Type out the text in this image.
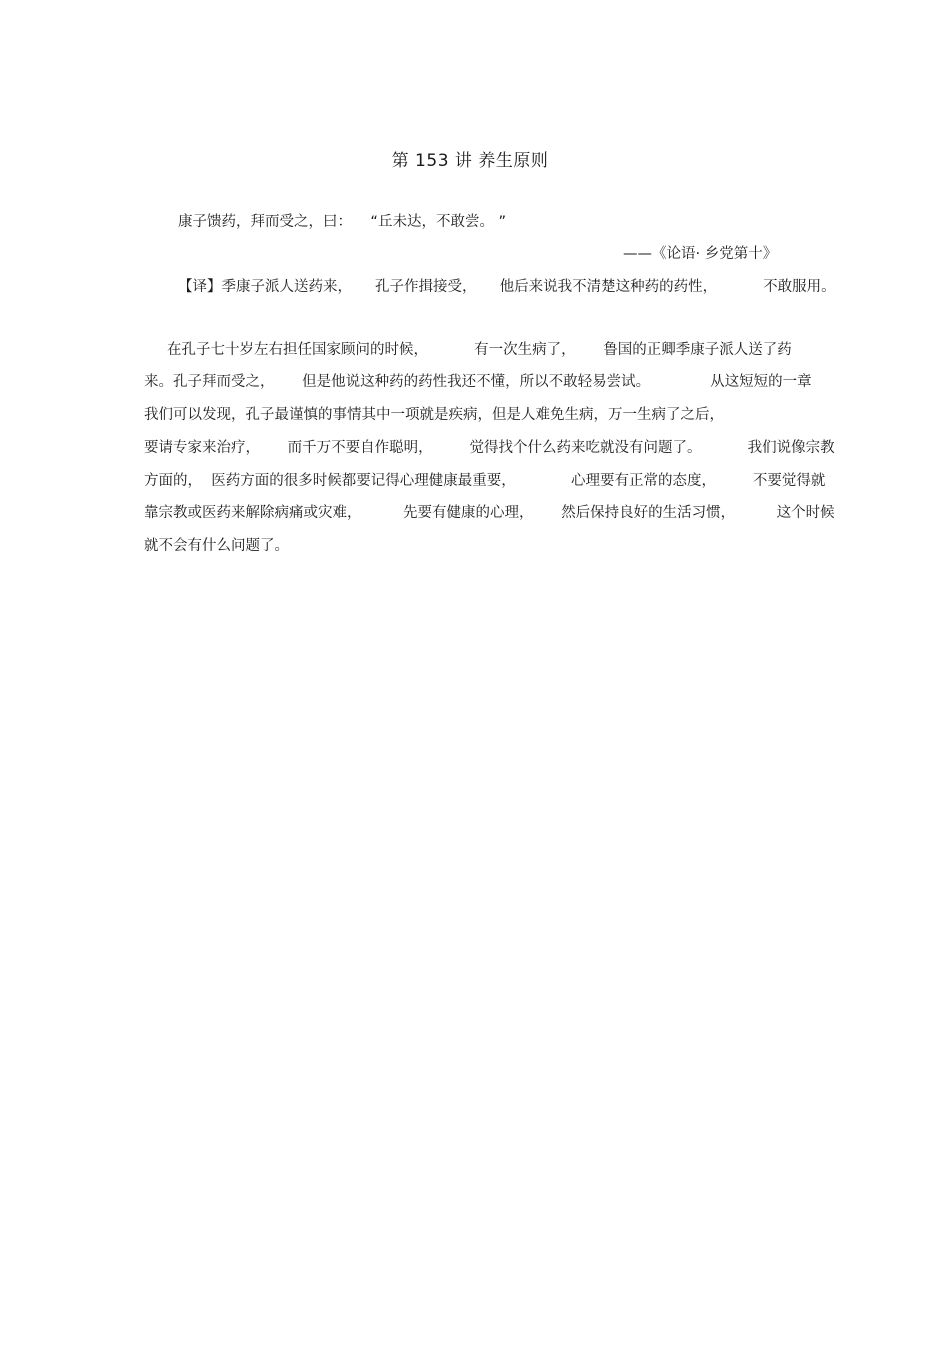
第 153 讲 养生原则
康子馈药，拜而受之，曰：    “丘未达，不敢尝。 ”
——《论语· 乡党第十》
【译】季康子派人送药来，     孔子作揖接受，     他后来说我不清楚这种药的药性，          不敢服用。
在孔子七十岁左右担任国家顾问的时候，          有一次生病了，      鲁国的正卿季康子派人送了药
来。孔子拜而受之，      但是他说这种药的药性我还不懂，所以不敢轻易尝试。             从这短短的一章
我们可以发现，孔子最谨慎的事情其中一项就是疾病，但是人难免生病，万一生病了之后，
要请专家来治疗，      而千万不要自作聪明，        觉得找个什么药来吃就没有问题了。          我们说像宗教
方面的，  医药方面的很多时候都要记得心理健康最重要，            心理要有正常的态度，        不要觉得就
靠宗教或医药来解除病痛或灾难，         先要有健康的心理，      然后保持良好的生活习惯，         这个时候
就不会有什么问题了。
